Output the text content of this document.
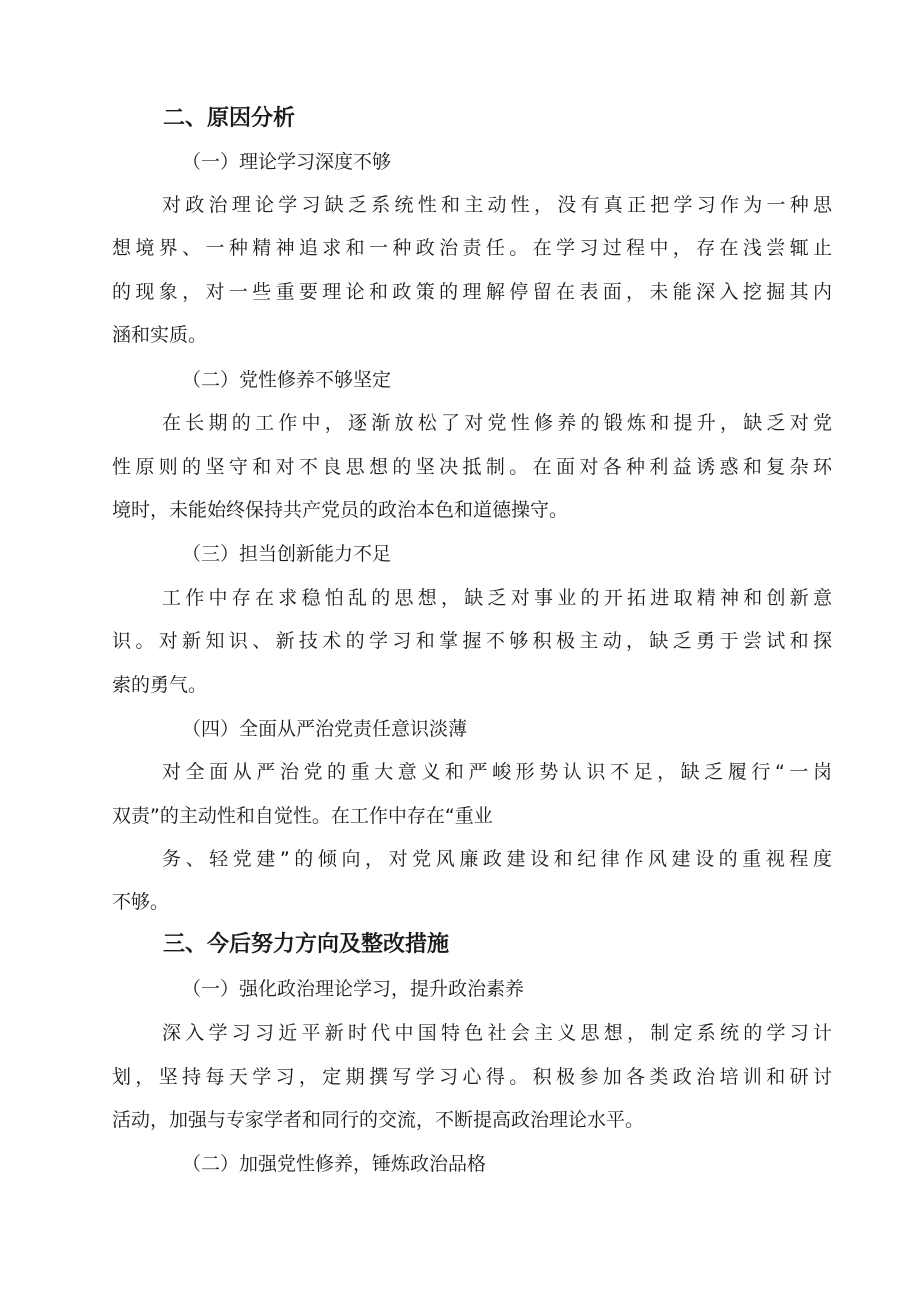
二、原因分析
（一）理论学习深度不够
对政治理论学习缺乏系统性和主动性，没有真正把学习作为一种思
想境界、一种精神追求和一种政治责任。在学习过程中，存在浅尝辄止
的现象，对一些重要理论和政策的理解停留在表面，未能深入挖掘其内
涵和实质。
（二）党性修养不够坚定
在长期的工作中，逐渐放松了对党性修养的锻炼和提升，缺乏对党
性原则的坚守和对不良思想的坚决抵制。在面对各种利益诱惑和复杂环
境时，未能始终保持共产党员的政治本色和道德操守。
（三）担当创新能力不足
工作中存在求稳怕乱的思想，缺乏对事业的开拓进取精神和创新意
识。对新知识、新技术的学习和掌握不够积极主动，缺乏勇于尝试和探
索的勇气。
（四）全面从严治党责任意识淡薄
对全面从严治党的重大意义和严峻形势认识不足，缺乏履行“一岗
双责”的主动性和自觉性。在工作中存在“重业
务、轻党建”的倾向，对党风廉政建设和纪律作风建设的重视程度
不够。
三、今后努力方向及整改措施
（一）强化政治理论学习，提升政治素养
深入学习习近平新时代中国特色社会主义思想，制定系统的学习计
划，坚持每天学习，定期撰写学习心得。积极参加各类政治培训和研讨
活动，加强与专家学者和同行的交流，不断提高政治理论水平。
（二）加强党性修养，锤炼政治品格
